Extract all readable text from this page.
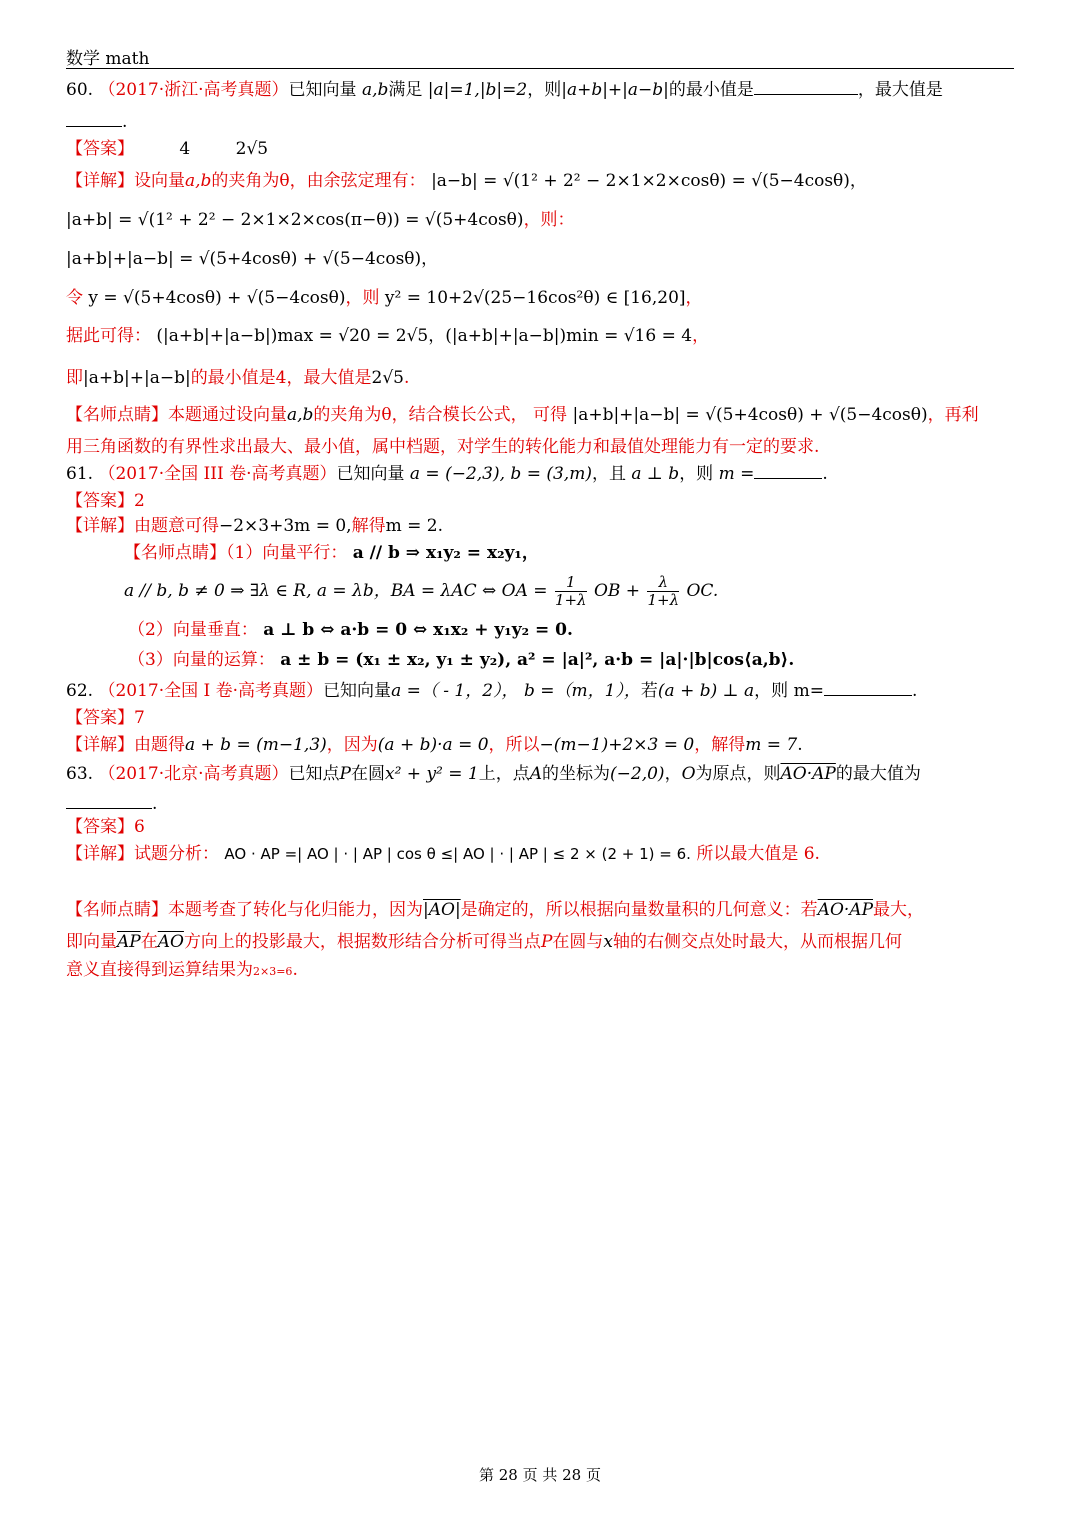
数学 math
60. （2017·浙江·高考真题）已知向量 a,b满足 |a|=1,|b|=2，则|a+b|+|a−b|的最小值是	，最大值是
.
【答案】	4	2√5
【详解】设向量a,b的夹角为θ，由余弦定理有： |a−b| = √(1² + 2² − 2×1×2×cosθ) = √(5−4cosθ)，
|a+b| = √(1² + 2² − 2×1×2×cos(π−θ)) = √(5+4cosθ)，则：
|a+b|+|a−b| = √(5+4cosθ) + √(5−4cosθ)，
令 y = √(5+4cosθ) + √(5−4cosθ)，则 y² = 10+2√(25−16cos²θ) ∈ [16,20]，
据此可得： (|a+b|+|a−b|)max = √20 = 2√5，(|a+b|+|a−b|)min = √16 = 4，
即|a+b|+|a−b|的最小值是4，最大值是2√5.
【名师点睛】本题通过设向量a,b的夹角为θ，结合模长公式， 可得 |a+b|+|a−b| = √(5+4cosθ) + √(5−4cosθ)，再利
用三角函数的有界性求出最大、最小值，属中档题，对学生的转化能力和最值处理能力有一定的要求.
61. （2017·全国 III 卷·高考真题）已知向量 a = (−2,3), b = (3,m)，且 a ⊥ b，则 m =	.
【答案】2
【详解】由题意可得−2×3+3m = 0,解得m = 2.
【名师点睛】（1）向量平行： a // b ⇒ x₁y₂ = x₂y₁，
a // b, b ≠ 0 ⇒ ∃λ ∈ R, a = λb，BA = λAC ⇔ OA = $\frac{1}{1+\lambda}$ OB + $\frac{\lambda}{1+\lambda}$ OC.
（2）向量垂直： a ⊥ b ⇔ a·b = 0 ⇔ x₁x₂ + y₁y₂ = 0.
（3）向量的运算： a ± b = (x₁ ± x₂, y₁ ± y₂), a² = |a|², a·b = |a|·|b|cos⟨a,b⟩.
62. （2017·全国 I 卷·高考真题）已知向量a =（ - 1，2）， b =（m，1），若(a + b) ⊥ a，则 m=	.
【答案】7
【详解】由题得a + b = (m−1,3)，因为(a + b)·a = 0，所以−(m−1)+2×3 = 0，解得m = 7.
63. （2017·北京·高考真题）已知点P在圆x² + y² = 1上，点A的坐标为(−2,0)，O为原点，则AO·AP的最大值为
.
【答案】6
【详解】试题分析： AO · AP =| AO | · | AP | cos θ ≤| AO | · | AP | ≤ 2 × (2 + 1) = 6. 所以最大值是 6.
【名师点睛】本题考查了转化与化归能力，因为|AO|是确定的，所以根据向量数量积的几何意义：若AO·AP最大，
即向量$\overline{AP}$在$\overline{AO}$方向上的投影最大，根据数形结合分析可得当点P在圆与x轴的右侧交点处时最大，从而根据几何
意义直接得到运算结果为2×3=6.
第 28 页 共 28 页
